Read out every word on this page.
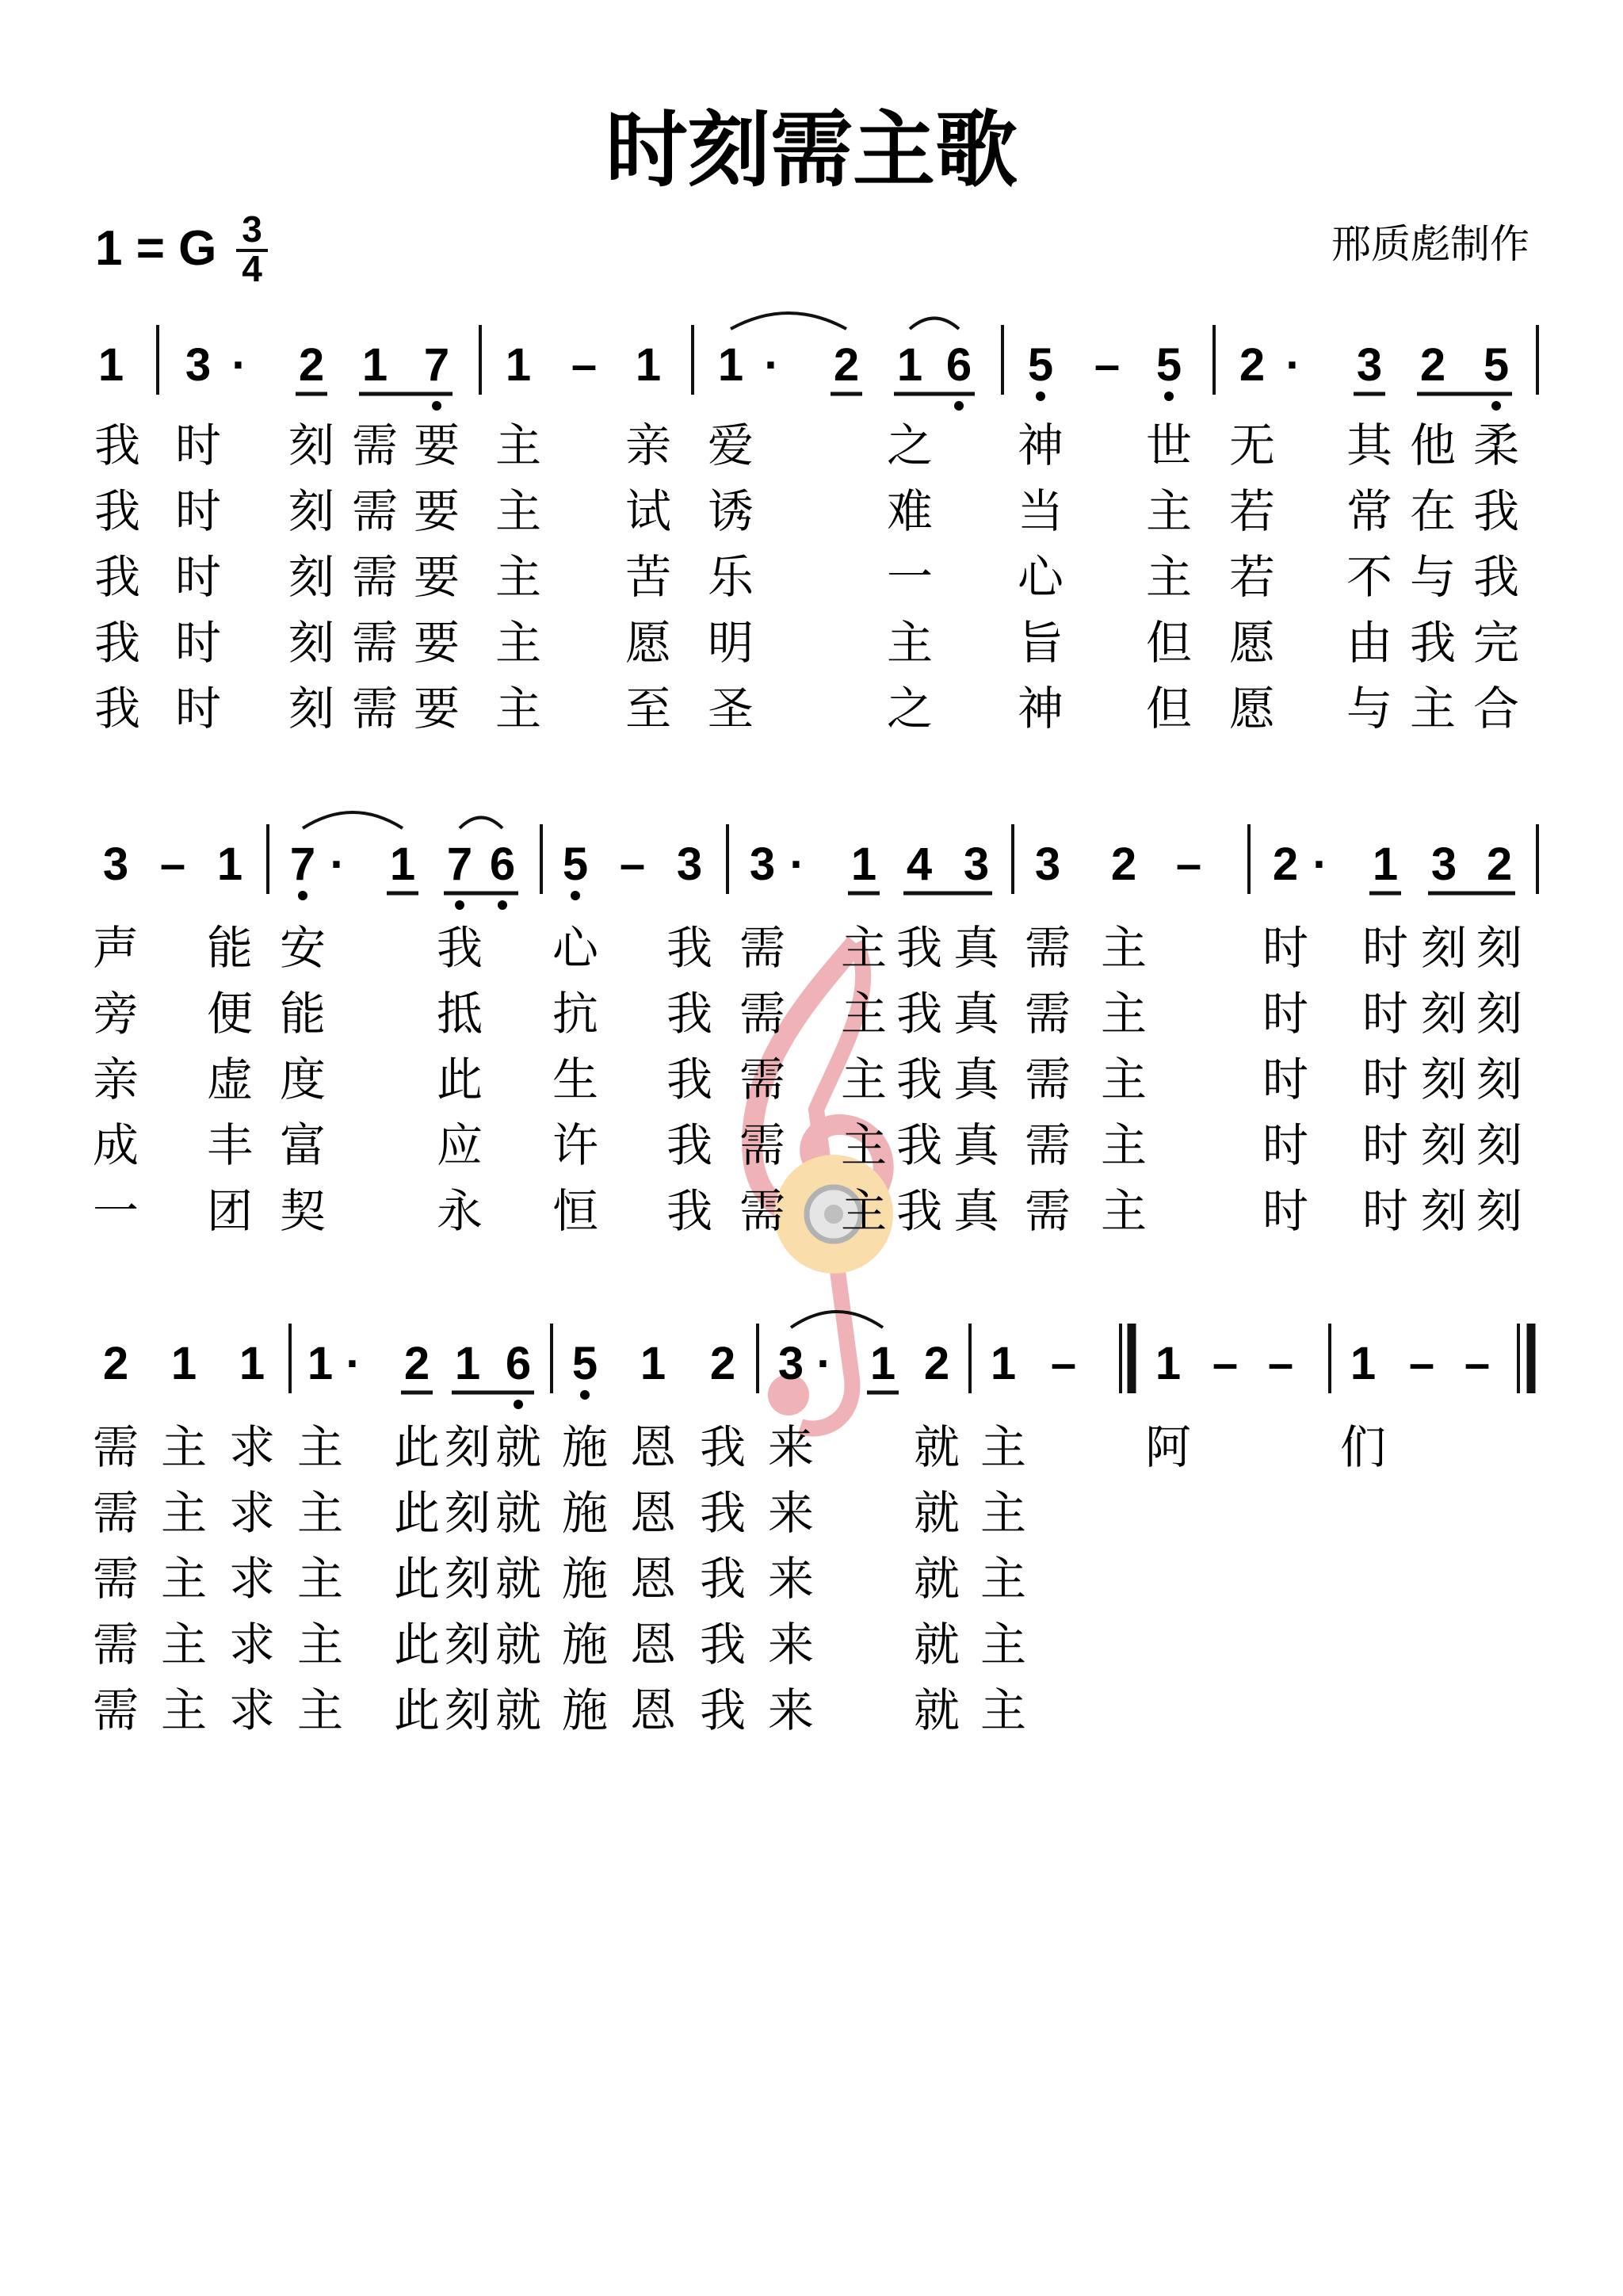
时刻需主歌
1 = G 3
4
邢质彪制作
1 3 · 2 1 7 1 – 1 1 · 2 1 6 5 – 5 2 · 3 2 5
我 时 刻 需 要 主 亲 爱	之 神 世 无 其 他 柔
我 时 刻 需 要 主 试 诱	难 当 主 若 常 在 我
我 时 刻 需 要 主 苦 乐	一 心 主 若 不 与 我
我 时 刻 需 要 主 愿 明	主 旨 但 愿 由 我 完
我 时 刻 需 要 主 至 圣	之 神 但 愿 与 主 合
3 – 1 7 · 1 7 6 5 – 3 3 · 1 4 3 3 2 – 2 · 1 3 2
声 能 安 我 心 我 需 主 我 真 需 主	时 时 刻 刻
旁 便 能 抵 抗 我 需 主 我 真 需 主	时 时 刻 刻
亲 虚 度 此 生 我 需 主 我 真 需 主	时 时 刻 刻
成 丰 富 应 许 我 需 主 我 真 需 主	时 时 刻 刻
一 团 契 永 恒 我 需 主 我 真 需 主	时 时 刻 刻
2 1 1 1 · 2 1 6 5 1 2 3 · 1 2 1 – 1 – – 1 – –
需 主 求 主 此 刻 就 施 恩 我 来 就 主	阿	们
需 主 求 主 此 刻 就 施 恩 我 来 就 主
需 主 求 主 此 刻 就 施 恩 我 来 就 主
需 主 求 主 此 刻 就 施 恩 我 来 就 主
需 主 求 主 此 刻 就 施 恩 我 来 就 主
